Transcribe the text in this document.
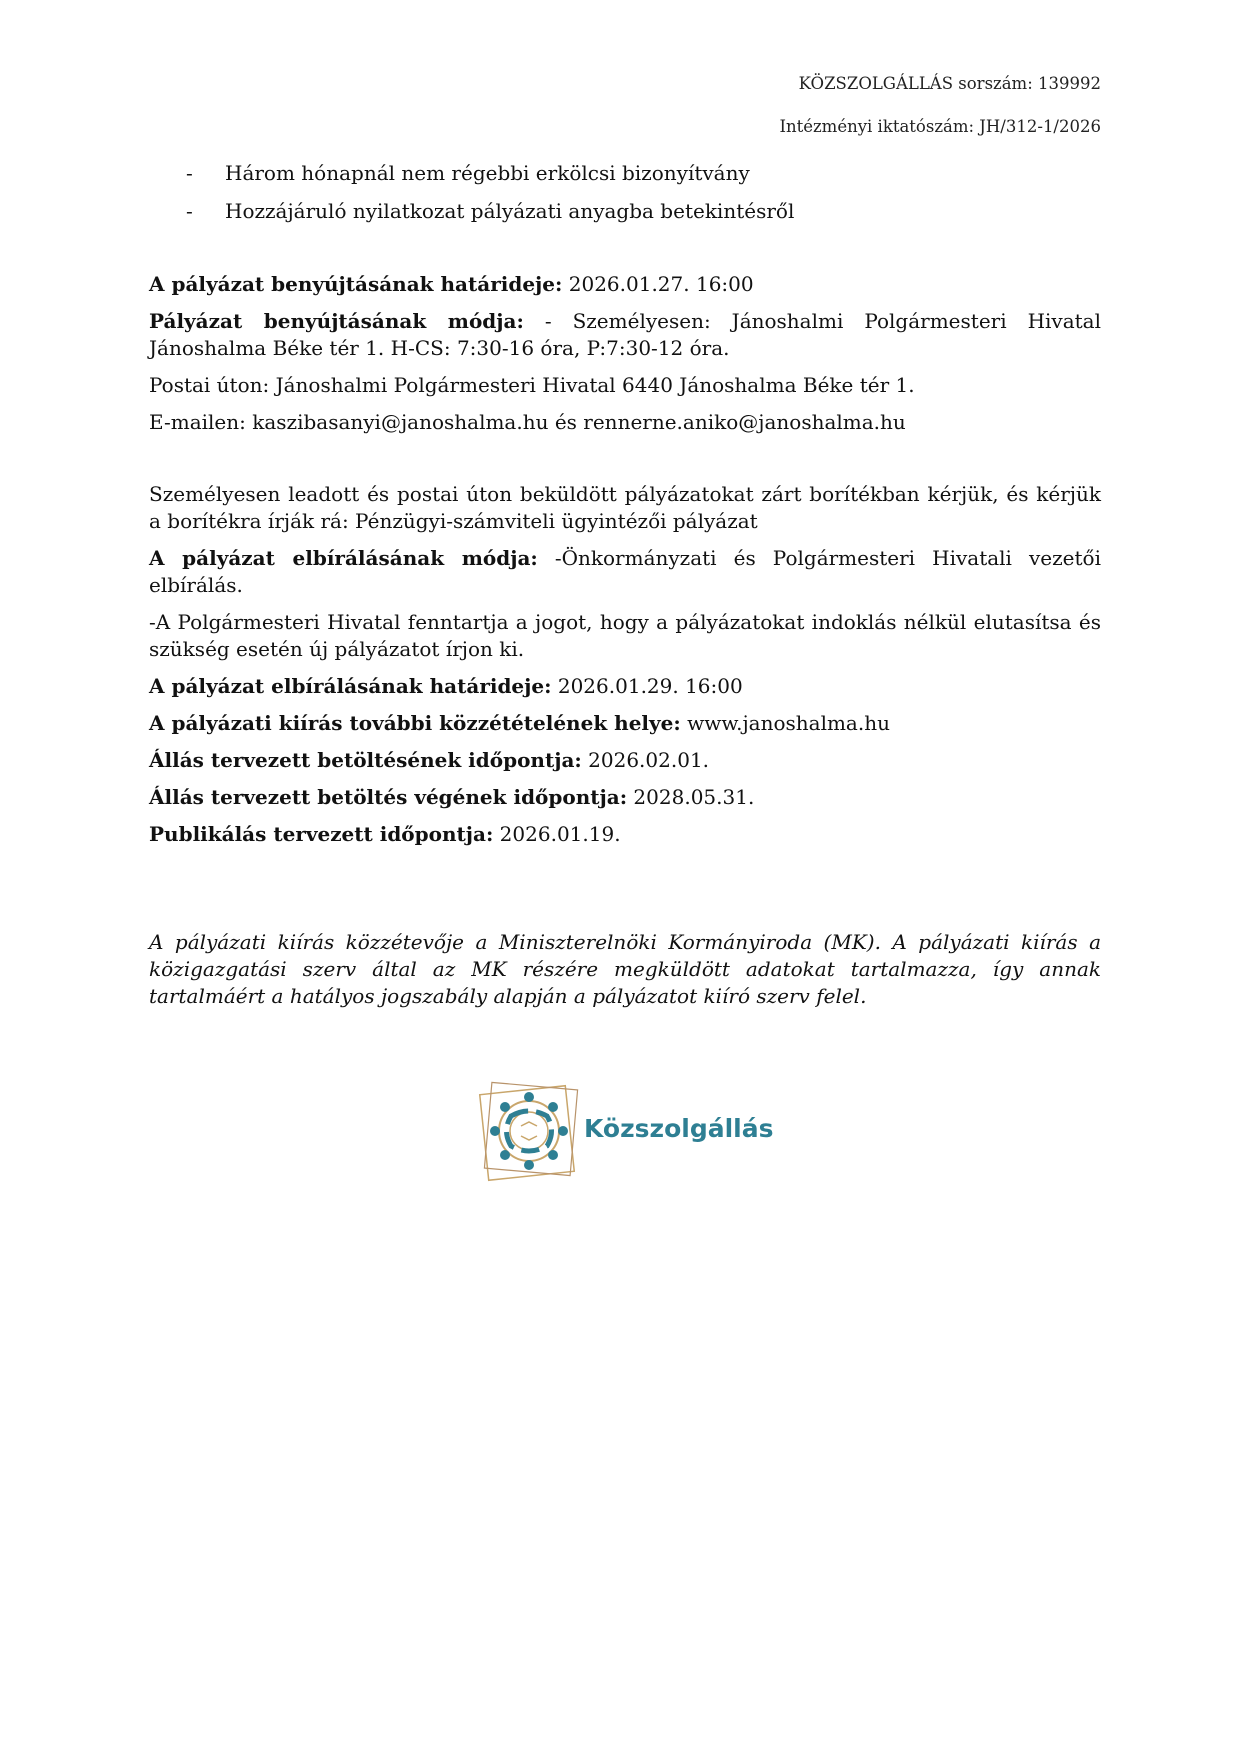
KÖZSZOLGÁLLÁS sorszám: 139992
Intézményi iktatószám: JH/312-1/2026
- Három hónapnál nem régebbi erkölcsi bizonyítvány
- Hozzájáruló nyilatkozat pályázati anyagba betekintésről

A pályázat benyújtásának határideje: 2026.01.27. 16:00

Pályázat benyújtásának módja: - Személyesen: Jánoshalmi Polgármesteri Hivatal Jánoshalma Béke tér 1. H-CS: 7:30-16 óra, P:7:30-12 óra.

Postai úton: Jánoshalmi Polgármesteri Hivatal 6440 Jánoshalma Béke tér 1.

E-mailen: kaszibasanyi@janoshalma.hu és rennerne.aniko@janoshalma.hu

Személyesen leadott és postai úton beküldött pályázatokat zárt borítékban kérjük, és kérjük a borítékra írják rá: Pénzügyi-számviteli ügyintézői pályázat

A pályázat elbírálásának módja: -Önkormányzati és Polgármesteri Hivatali vezetői elbírálás.

-A Polgármesteri Hivatal fenntartja a jogot, hogy a pályázatokat indoklás nélkül elutasítsa és szükség esetén új pályázatot írjon ki.

A pályázat elbírálásának határideje: 2026.01.29. 16:00

A pályázati kiírás további közzétételének helye: www.janoshalma.hu

Állás tervezett betöltésének időpontja: 2026.02.01.

Állás tervezett betöltés végének időpontja: 2028.05.31.

Publikálás tervezett időpontja: 2026.01.19.

A pályázati kiírás közzétevője a Miniszterelnöki Kormányiroda (MK). A pályázati kiírás a közigazgatási szerv által az MK részére megküldött adatokat tartalmazza, így annak tartalmáért a hatályos jogszabály alapján a pályázatot kiíró szerv felel.

Közszolgállás
